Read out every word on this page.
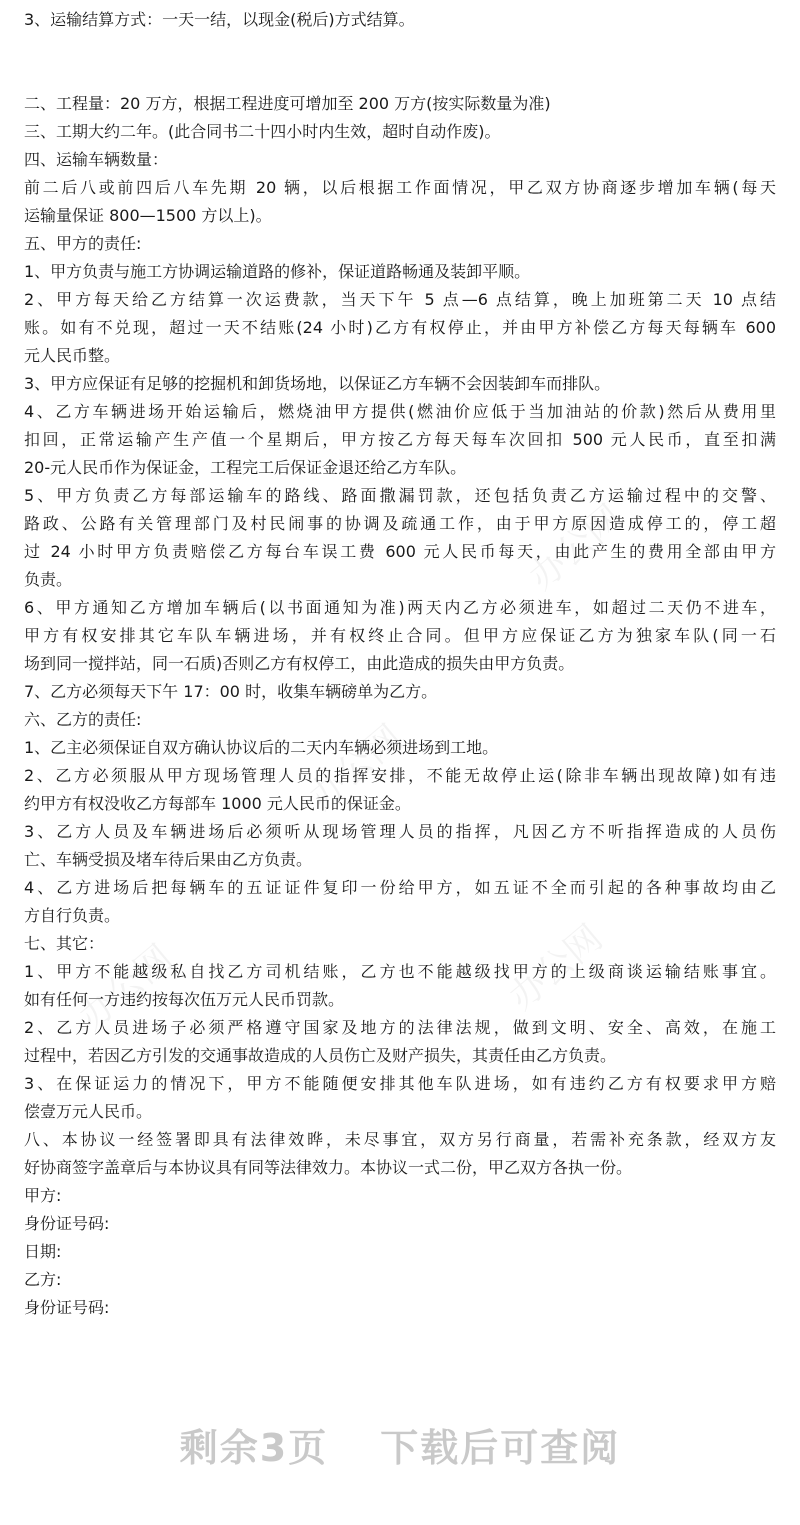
3、运输结算方式：一天一结，以现金(税后)方式结算。
二、工程量：20 万方，根据工程进度可增加至 200 万方(按实际数量为准)
三、工期大约二年。(此合同书二十四小时内生效，超时自动作废)。
四、运输车辆数量：
前二后八或前四后八车先期 20 辆，以后根据工作面情况，甲乙双方协商逐步增加车辆(每天
运输量保证 800—1500 方以上)。
五、甲方的责任:
1、甲方负责与施工方协调运输道路的修补，保证道路畅通及装卸平顺。
2、甲方每天给乙方结算一次运费款，当天下午 5 点—6 点结算，晚上加班第二天 10 点结
账。如有不兑现，超过一天不结账(24 小时)乙方有权停止，并由甲方补偿乙方每天每辆车 600
元人民币整。
3、甲方应保证有足够的挖掘机和卸货场地，以保证乙方车辆不会因装卸车而排队。
4、乙方车辆进场开始运输后，燃烧油甲方提供(燃油价应低于当加油站的价款)然后从费用里
扣回，正常运输产生产值一个星期后，甲方按乙方每天每车次回扣 500 元人民币，直至扣满
20-元人民币作为保证金，工程完工后保证金退还给乙方车队。
5、甲方负责乙方每部运输车的路线、路面撒漏罚款，还包括负责乙方运输过程中的交警、
路政、公路有关管理部门及村民闹事的协调及疏通工作，由于甲方原因造成停工的，停工超
过 24 小时甲方负责赔偿乙方每台车误工费 600 元人民币每天，由此产生的费用全部由甲方
负责。
6、甲方通知乙方增加车辆后(以书面通知为准)两天内乙方必须进车，如超过二天仍不进车，
甲方有权安排其它车队车辆进场，并有权终止合同。但甲方应保证乙方为独家车队(同一石
场到同一搅拌站，同一石质)否则乙方有权停工，由此造成的损失由甲方负责。
7、乙方必须每天下午 17：00 时，收集车辆磅单为乙方。
六、乙方的责任:
1、乙主必须保证自双方确认协议后的二天内车辆必须进场到工地。
2、乙方必须服从甲方现场管理人员的指挥安排，不能无故停止运(除非车辆出现故障)如有违
约甲方有权没收乙方每部车 1000 元人民币的保证金。
3、乙方人员及车辆进场后必须听从现场管理人员的指挥，凡因乙方不听指挥造成的人员伤
亡、车辆受损及堵车待后果由乙方负责。
4、乙方进场后把每辆车的五证证件复印一份给甲方，如五证不全而引起的各种事故均由乙
方自行负责。
七、其它：
1、甲方不能越级私自找乙方司机结账，乙方也不能越级找甲方的上级商谈运输结账事宜。
如有任何一方违约按每次伍万元人民币罚款。
2、乙方人员进场子必须严格遵守国家及地方的法律法规，做到文明、安全、高效，在施工
过程中，若因乙方引发的交通事故造成的人员伤亡及财产损失，其责任由乙方负责。
3、在保证运力的情况下，甲方不能随便安排其他车队进场，如有违约乙方有权要求甲方赔
偿壹万元人民币。
八、本协议一经签署即具有法律效晔，未尽事宜，双方另行商量，若需补充条款，经双方友
好协商签字盖章后与本协议具有同等法律效力。本协议一式二份，甲乙双方各执一份。
甲方:
身份证号码:
日期:
乙方:
身份证号码:
剩余3页 下载后可查阅
